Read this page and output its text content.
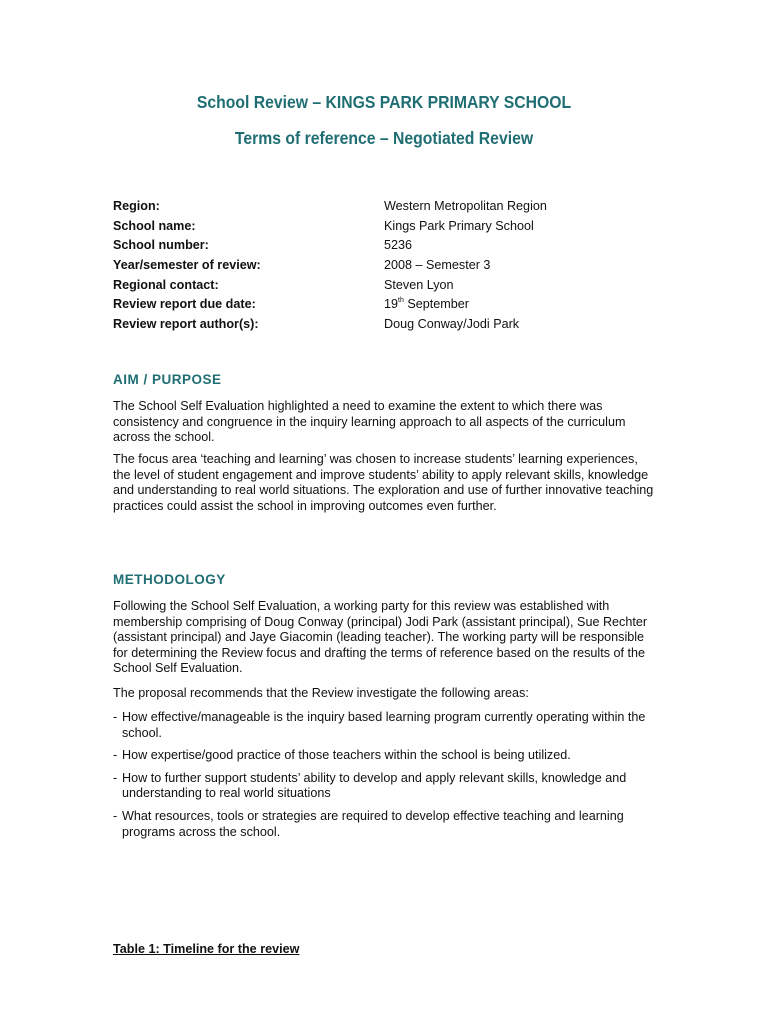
School Review – KINGS PARK PRIMARY SCHOOL
Terms of reference – Negotiated Review
Region:	Western Metropolitan Region
School name:	Kings Park Primary School
School number:	5236
Year/semester of review:	2008 – Semester 3
Regional contact:	Steven Lyon
Review report due date:	19th September
Review report author(s):	Doug Conway/Jodi Park
AIM / PURPOSE
The School Self Evaluation highlighted a need to examine the extent to which there was consistency and congruence in the inquiry learning approach to all aspects of the curriculum across the school.
The focus area ‘teaching and learning’ was chosen to increase students’ learning experiences, the level of student engagement and improve students’ ability to apply relevant skills, knowledge and understanding to real world situations. The exploration and use of further innovative teaching practices could assist the school in improving outcomes even further.
METHODOLOGY
Following the School Self Evaluation, a working party for this review was established with membership comprising of Doug Conway (principal) Jodi Park (assistant principal), Sue Rechter (assistant principal) and Jaye Giacomin (leading teacher). The working party will be responsible for determining the Review focus and drafting the terms of reference based on the results of the School Self Evaluation.
The proposal recommends that the Review investigate the following areas:
- How effective/manageable is the inquiry based learning program currently operating within the school.
- How expertise/good practice of those teachers within the school is being utilized.
- How to further support students’ ability to develop and apply relevant skills, knowledge and understanding to real world situations
- What resources, tools or strategies are required to develop effective teaching and learning programs across the school.
Table 1: Timeline for the review
